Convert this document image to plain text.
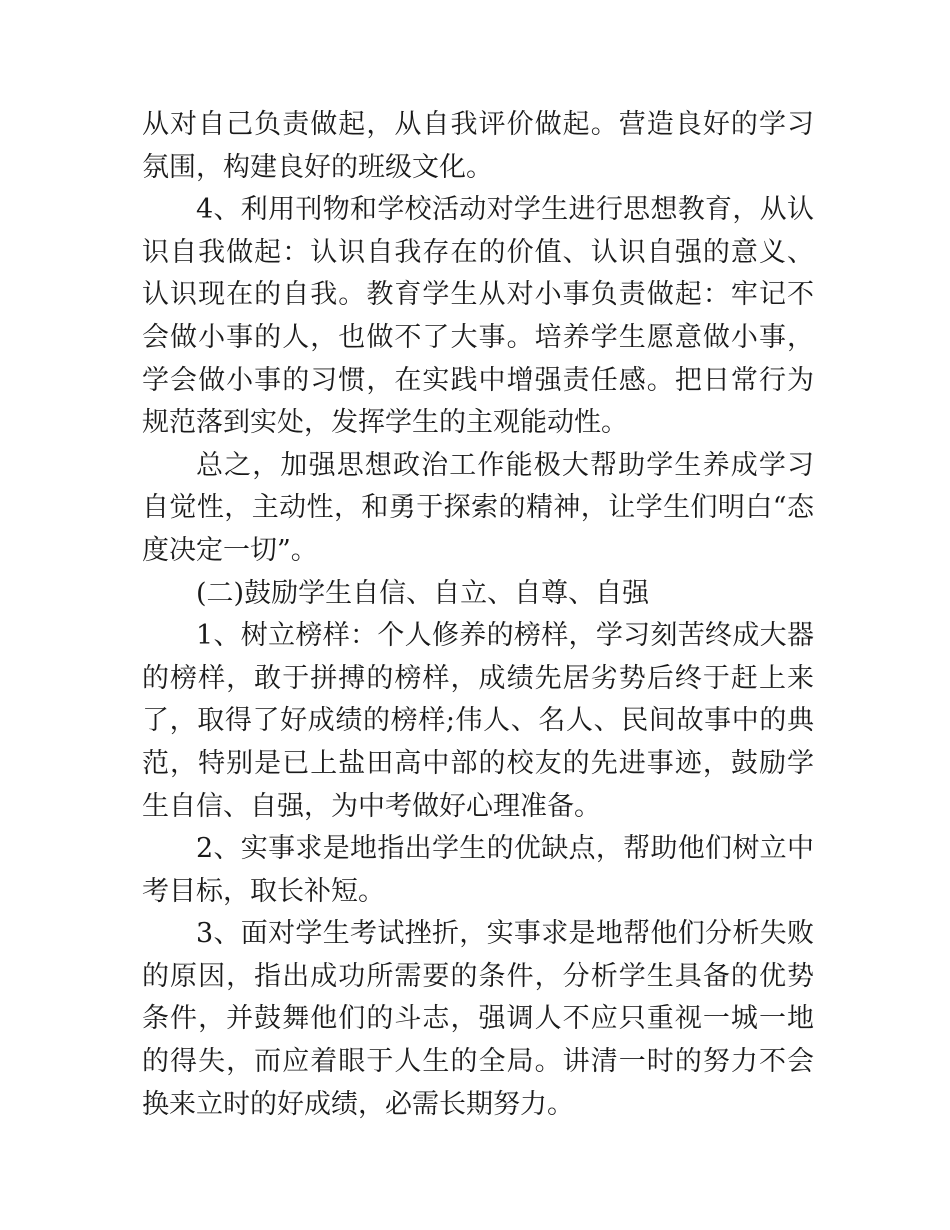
从对自己负责做起，从自我评价做起。营造良好的学习氛围，构建良好的班级文化。

4、利用刊物和学校活动对学生进行思想教育，从认识自我做起：认识自我存在的价值、认识自强的意义、认识现在的自我。教育学生从对小事负责做起：牢记不会做小事的人，也做不了大事。培养学生愿意做小事，学会做小事的习惯，在实践中增强责任感。把日常行为规范落到实处，发挥学生的主观能动性。

总之，加强思想政治工作能极大帮助学生养成学习自觉性，主动性，和勇于探索的精神，让学生们明白“态度决定一切”。

(二)鼓励学生自信、自立、自尊、自强

1、树立榜样：个人修养的榜样，学习刻苦终成大器的榜样，敢于拼搏的榜样，成绩先居劣势后终于赶上来了，取得了好成绩的榜样;伟人、名人、民间故事中的典范，特别是已上盐田高中部的校友的先进事迹，鼓励学生自信、自强，为中考做好心理准备。

2、实事求是地指出学生的优缺点，帮助他们树立中考目标，取长补短。

3、面对学生考试挫折，实事求是地帮他们分析失败的原因，指出成功所需要的条件，分析学生具备的优势条件，并鼓舞他们的斗志，强调人不应只重视一城一地的得失，而应着眼于人生的全局。讲清一时的努力不会换来立时的好成绩，必需长期努力。
